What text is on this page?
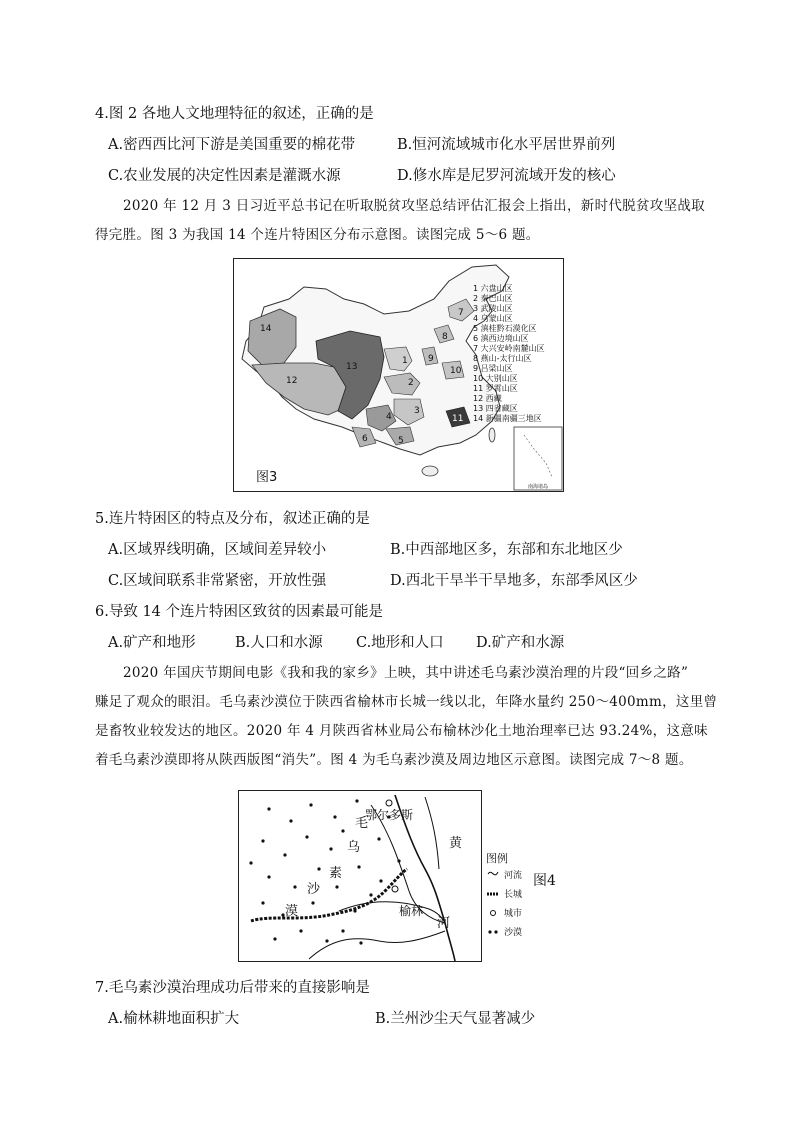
4.图 2 各地人文地理特征的叙述，正确的是
A.密西西比河下游是美国重要的棉花带	B.恒河流域城市化水平居世界前列
C.农业发展的决定性因素是灌溉水源	D.修水库是尼罗河流域开发的核心
2020 年 12 月 3 日习近平总书记在听取脱贫攻坚总结评估汇报会上指出，新时代脱贫攻坚战取
得完胜。图 3 为我国 14 个连片特困区分布示意图。读图完成 5～6 题。
南海诸岛
14
12
13
1
2
3
4
5
6
7
8
9
10
11
1 六盘山区
2 秦巴山区
3 武陵山区
4 乌蒙山区
5 滇桂黔石漠化区
6 滇西边境山区
7 大兴安岭南麓山区
8 燕山-太行山区
9 吕梁山区
10 大别山区
11 罗霄山区
12 西藏
13 四省藏区
14 新疆南疆三地区
图3
5.连片特困区的特点及分布，叙述正确的是
A.区域界线明确，区域间差异较小	B.中西部地区多，东部和东北地区少
C.区域间联系非常紧密，开放性强	D.西北干旱半干旱地多，东部季风区少
6.导致 14 个连片特困区致贫的因素最可能是
A.矿产和地形	B.人口和水源 C.地形和人口 D.矿产和水源
2020 年国庆节期间电影《我和我的家乡》上映，其中讲述毛乌素沙漠治理的片段“回乡之路”
赚足了观众的眼泪。毛乌素沙漠位于陕西省榆林市长城一线以北，年降水量约 250～400mm，这里曾
是畜牧业较发达的地区。2020 年 4 月陕西省林业局公布榆林沙化土地治理率已达 93.24%，这意味
着毛乌素沙漠即将从陕西版图“消失”。图 4 为毛乌素沙漠及周边地区示意图。读图完成 7～8 题。
鄂尔多斯
榆林
毛
乌
素
沙
漠
黄
河
图例
河流
长城
城市
沙漠
图4
7.毛乌素沙漠治理成功后带来的直接影响是
A.榆林耕地面积扩大	B.兰州沙尘天气显著减少
